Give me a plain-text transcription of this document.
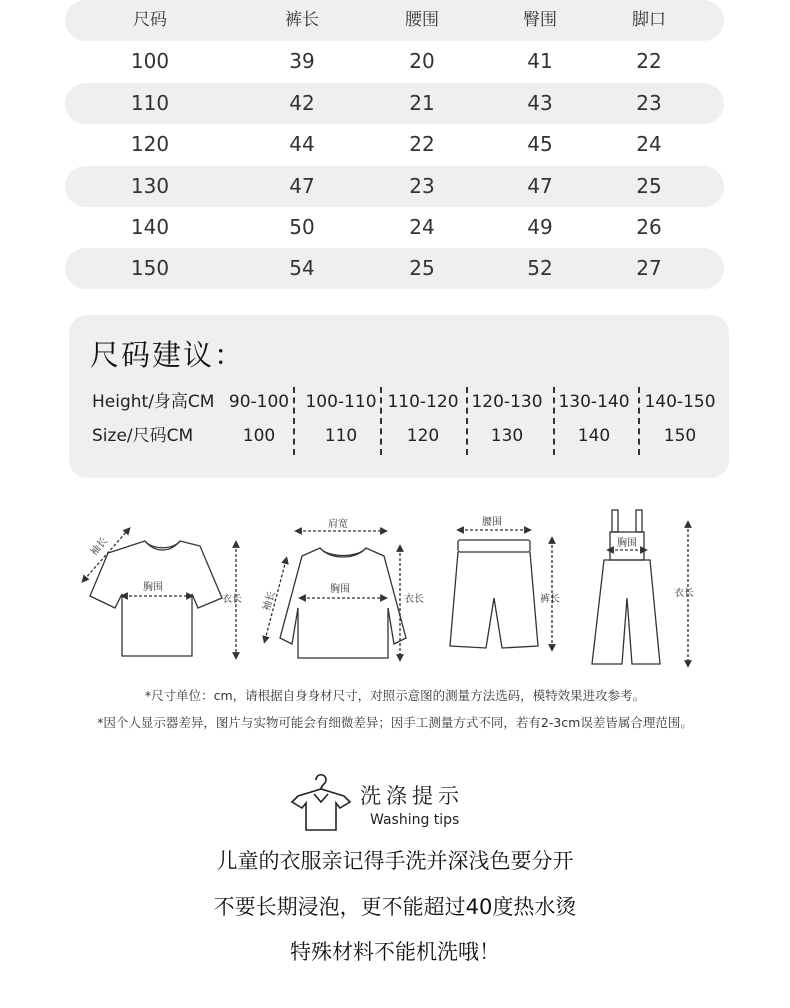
尺码	裤长	腰围	臀围	脚口
100	39	20	41	22
110	42	21	43	23
120	44	22	45	24
130	47	23	47	25
140	50	24	49	26
150	54	25	52	27
尺码建议：
Height/身高CM 90-100 100-110 110-120 120-130 130-140 140-150
Size/尺码CM	100	110	120	130	140	150
袖长
胸围
衣长
肩宽
袖长
胸围
衣长
腰围
裤长
胸围
衣长
*尺寸单位：cm，请根据自身身材尺寸，对照示意图的测量方法选码，模特效果进攻参考。
*因个人显示器差异，图片与实物可能会有细微差异；因手工测量方式不同，若有2-3cm误差皆属合理范围。
洗涤提示
Washing tips
儿童的衣服亲记得手洗并深浅色要分开
不要长期浸泡，更不能超过40度热水烫
特殊材料不能机洗哦！
